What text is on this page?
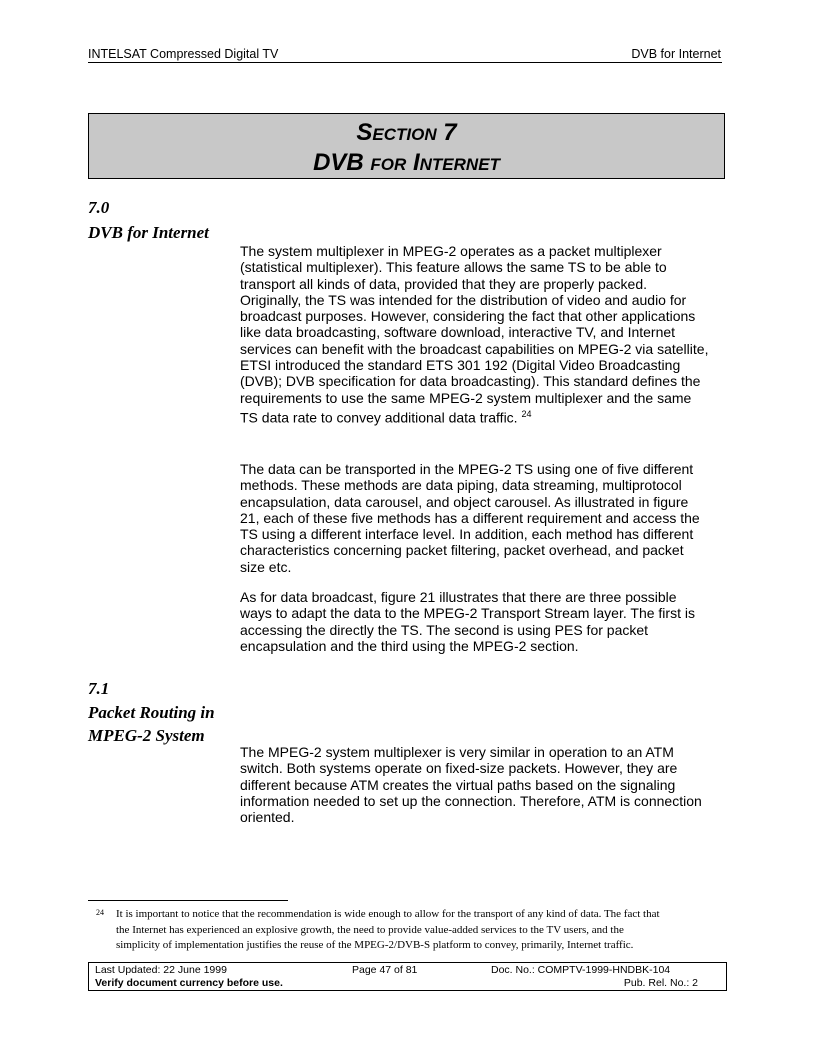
INTELSAT Compressed Digital TV	DVB for Internet
Section 7
DVB for Internet
7.0
DVB for Internet
The system multiplexer in MPEG-2 operates as a packet multiplexer
(statistical multiplexer). This feature allows the same TS to be able to
transport all kinds of data, provided that they are properly packed.
Originally, the TS was intended for the distribution of video and audio for
broadcast purposes. However, considering the fact that other applications
like data broadcasting, software download, interactive TV, and Internet
services can benefit with the broadcast capabilities on MPEG-2 via satellite,
ETSI introduced the standard ETS 301 192 (Digital Video Broadcasting
(DVB); DVB specification for data broadcasting). This standard defines the
requirements to use the same MPEG-2 system multiplexer and the same
TS data rate to convey additional data traffic. $^{24}$
The data can be transported in the MPEG-2 TS using one of five different
methods. These methods are data piping, data streaming, multiprotocol
encapsulation, data carousel, and object carousel. As illustrated in figure
21, each of these five methods has a different requirement and access the
TS using a different interface level. In addition, each method has different
characteristics concerning packet filtering, packet overhead, and packet
size etc.
As for data broadcast, figure 21 illustrates that there are three possible
ways to adapt the data to the MPEG-2 Transport Stream layer. The first is
accessing the directly the TS. The second is using PES for packet
encapsulation and the third using the MPEG-2 section.
7.1
Packet Routing in
MPEG-2 System
The MPEG-2 system multiplexer is very similar in operation to an ATM
switch. Both systems operate on fixed-size packets. However, they are
different because ATM creates the virtual paths based on the signaling
information needed to set up the connection. Therefore, ATM is connection
oriented.
24 It is important to notice that the recommendation is wide enough to allow for the transport of any kind of data. The fact that
the Internet has experienced an explosive growth, the need to provide value-added services to the TV users, and the
simplicity of implementation justifies the reuse of the MPEG-2/DVB-S platform to convey, primarily, Internet traffic.
Last Updated: 22 June 1999	Page 47 of 81	Doc. No.: COMPTV-1999-HNDBK-104
Verify document currency before use.	Pub. Rel. No.: 2
